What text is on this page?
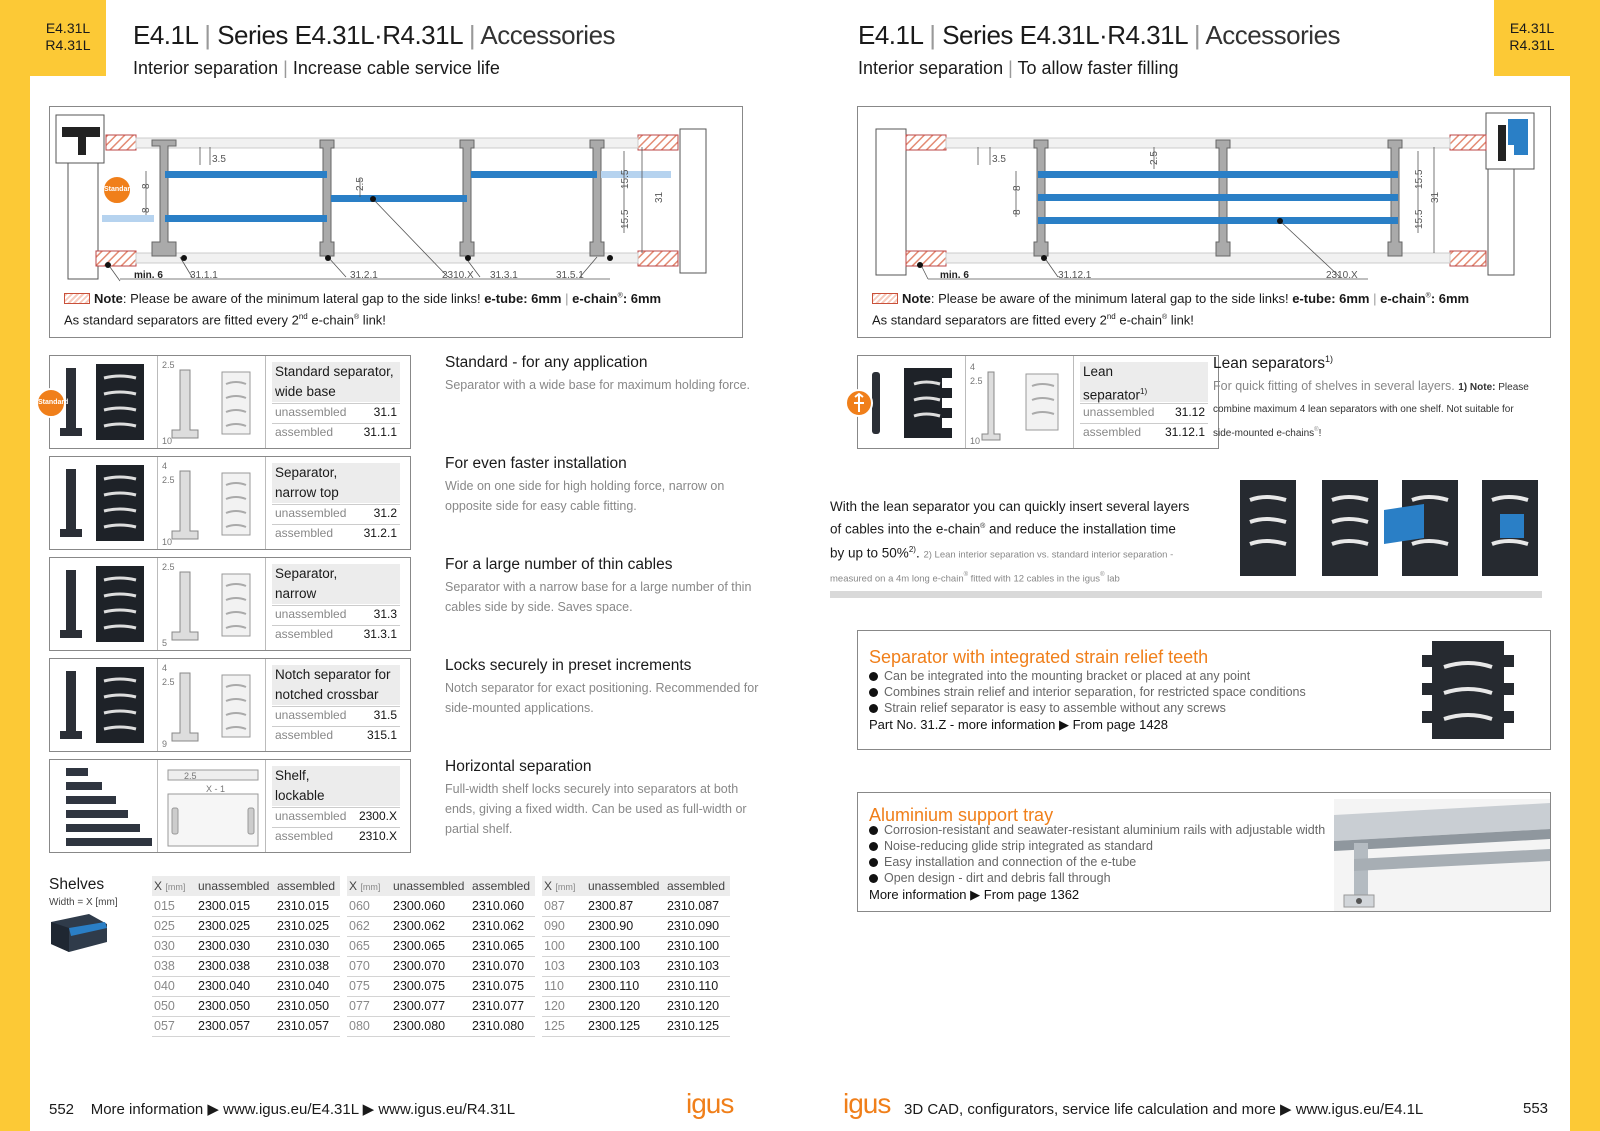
E4.31L
R4.31L
E4.31L
R4.31L
E4.1L | Series E4.31L·R4.31L | Accessories
Interior separation | Increase cable service life
3.5
8
8
2.5	15.5
15.5
31
min. 6	31.1.1	31.2.1	2310.X 31.3.1	31.5.1
Standard
Note: Please be aware of the minimum lateral gap to the side links! e-tube: 6mm | e-chain®: 6mm
As standard separators are fitted every 2nd e-chain® link!
2.5
10
Standard separator,
wide base
unassembled 31.1
assembled	31.1.1
Standard - for any application
Separator with a wide base for maximum holding force.
4
2.5
10
Separator,
narrow top
unassembled 31.2
assembled	31.2.1
For even faster installation
Wide on one side for high holding force, narrow on opposite side for easy cable fitting.
2.5
5
Separator,
narrow
unassembled 31.3
assembled	31.3.1
For a large number of thin cables
Separator with a narrow base for a large number of thin cables side by side. Saves space.
4
2.5
9
Notch separator for
notched crossbar
unassembled 31.5
assembled	315.1
Locks securely in preset increments
Notch separator for exact positioning. Recommended for side-mounted applications.
2.5
X - 1
Shelf,
lockable
unassembled 2300.X
assembled 2310.X
Horizontal separation
Full-width shelf locks securely into separators at both ends, giving a fixed width. Can be used as full-width or partial shelf.
Standard
Shelves
Width = X [mm]
X [mm]	unassembled	assembled
015	2300.015	2310.015
025	2300.025	2310.025
030	2300.030	2310.030
038	2300.038	2310.038
040	2300.040	2310.040
050	2300.050	2310.050
057	2300.057	2310.057
X [mm]	unassembled	assembled
060	2300.060	2310.060
062	2300.062	2310.062
065	2300.065	2310.065
070	2300.070	2310.070
075	2300.075	2310.075
077	2300.077	2310.077
080	2300.080	2310.080
X [mm]	unassembled	assembled
087	2300.87	2310.087
090	2300.90	2310.090
100	2300.100	2310.100
103	2300.103	2310.103
110	2300.110	2310.110
120	2300.120	2310.120
125	2300.125	2310.125
552 More information ▶ www.igus.eu/E4.31L ▶ www.igus.eu/R4.31L	igus
E4.1L | Series E4.31L·R4.31L | Accessories
Interior separation | To allow faster filling
3.5	2.5
8
8
15.5
15.5
31
min. 6	31.12.1	2310.X
Note: Please be aware of the minimum lateral gap to the side links! e-tube: 6mm | e-chain®: 6mm
As standard separators are fitted every 2nd e-chain® link!
4
2.5
10
Lean
separator$^{1)}$
unassembled 31.12
assembled 31.12.1
Lean separators$^{1)}$
For quick fitting of shelves in several layers. 1) Note: Please combine maximum 4 lean separators with one shelf. Not suitable for side-mounted e-chains®!
With the lean separator you can quickly insert several layers of cables into the e-chain® and reduce the installation time by up to 50%$^{2)}$. 2) Lean interior separation vs. standard interior separation - measured on a 4m long e-chain® fitted with 12 cables in the igus® lab
Separator with integrated strain relief teeth
Can be integrated into the mounting bracket or placed at any point
Combines strain relief and interior separation, for restricted space conditions
Strain relief separator is easy to assemble without any screws
Part No. 31.Z - more information ▶ From page 1428
Aluminium support tray
Corrosion-resistant and seawater-resistant aluminium rails with adjustable width
Noise-reducing glide strip integrated as standard
Easy installation and connection of the e-tube
Open design - dirt and debris fall through
More information ▶ From page 1362
igus 3D CAD, configurators, service life calculation and more ▶ www.igus.eu/E4.1L	553
